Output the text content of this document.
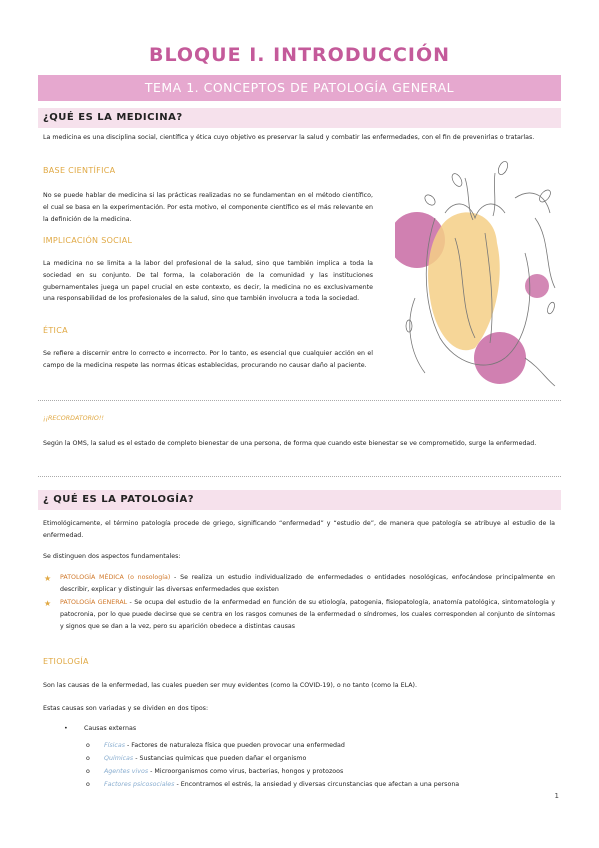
BLOQUE I. INTRODUCCIÓN
TEMA 1. CONCEPTOS DE PATOLOGÍA GENERAL
¿QUÉ ES LA MEDICINA?
La medicina es una disciplina social, científica y ética cuyo objetivo es preservar la salud y combatir las enfermedades, con el fin de prevenirlas o tratarlas.
BASE CIENTÍFICA
No se puede hablar de medicina si las prácticas realizadas no se fundamentan en el método científico, el cual se basa en la experimentación. Por esta motivo, el componente científico es el más relevante en la definición de la medicina.
IMPLICACIÓN SOCIAL
La medicina no se limita a la labor del profesional de la salud, sino que también implica a toda la sociedad en su conjunto. De tal forma, la colaboración de la comunidad y las instituciones gubernamentales juega un papel crucial en este contexto, es decir, la medicina no es exclusivamente una responsabilidad de los profesionales de la salud, sino que también involucra a toda la sociedad.
ÉTICA
Se refiere a discernir entre lo correcto e incorrecto. Por lo tanto, es esencial que cualquier acción en el campo de la medicina respete las normas éticas establecidas, procurando no causar daño al paciente.
¡¡RECORDATORIO!!
Según la OMS, la salud es el estado de completo bienestar de una persona, de forma que cuando este bienestar se ve comprometido, surge la enfermedad.
¿ QUÉ ES LA PATOLOGÍA?
Etimológicamente, el término patología procede de griego, significando “enfermedad” y “estudio de”, de manera que patología se atribuye al estudio de la enfermedad.
Se distinguen dos aspectos fundamentales:
★ PATOLOGÍA MÉDICA (o nosología) - Se realiza un estudio individualizado de enfermedades o entidades nosológicas, enfocándose principalmente en describir, explicar y distinguir las diversas enfermedades que existen
★ PATOLOGÍA GENERAL - Se ocupa del estudio de la enfermedad en función de su etiología, patogenia, fisiopatología, anatomía patológica, sintomatología y patocronia, por lo que puede decirse que se centra en los rasgos comunes de la enfermedad o síndromes, los cuales corresponden al conjunto de síntomas y signos que se dan a la vez, pero su aparición obedece a distintas causas
ETIOLOGÍA
Son las causas de la enfermedad, las cuales pueden ser muy evidentes (como la COVID-19), o no tanto (como la ELA).
Estas causas son variadas y se dividen en dos tipos:
•	Causas externas
o Físicas - Factores de naturaleza física que pueden provocar una enfermedad
o Químicas - Sustancias químicas que pueden dañar el organismo
o Agentes vivos - Microorganismos como virus, bacterias, hongos y protozoos
o Factores psicosociales - Encontramos el estrés, la ansiedad y diversas circunstancias que afectan a una persona
1
